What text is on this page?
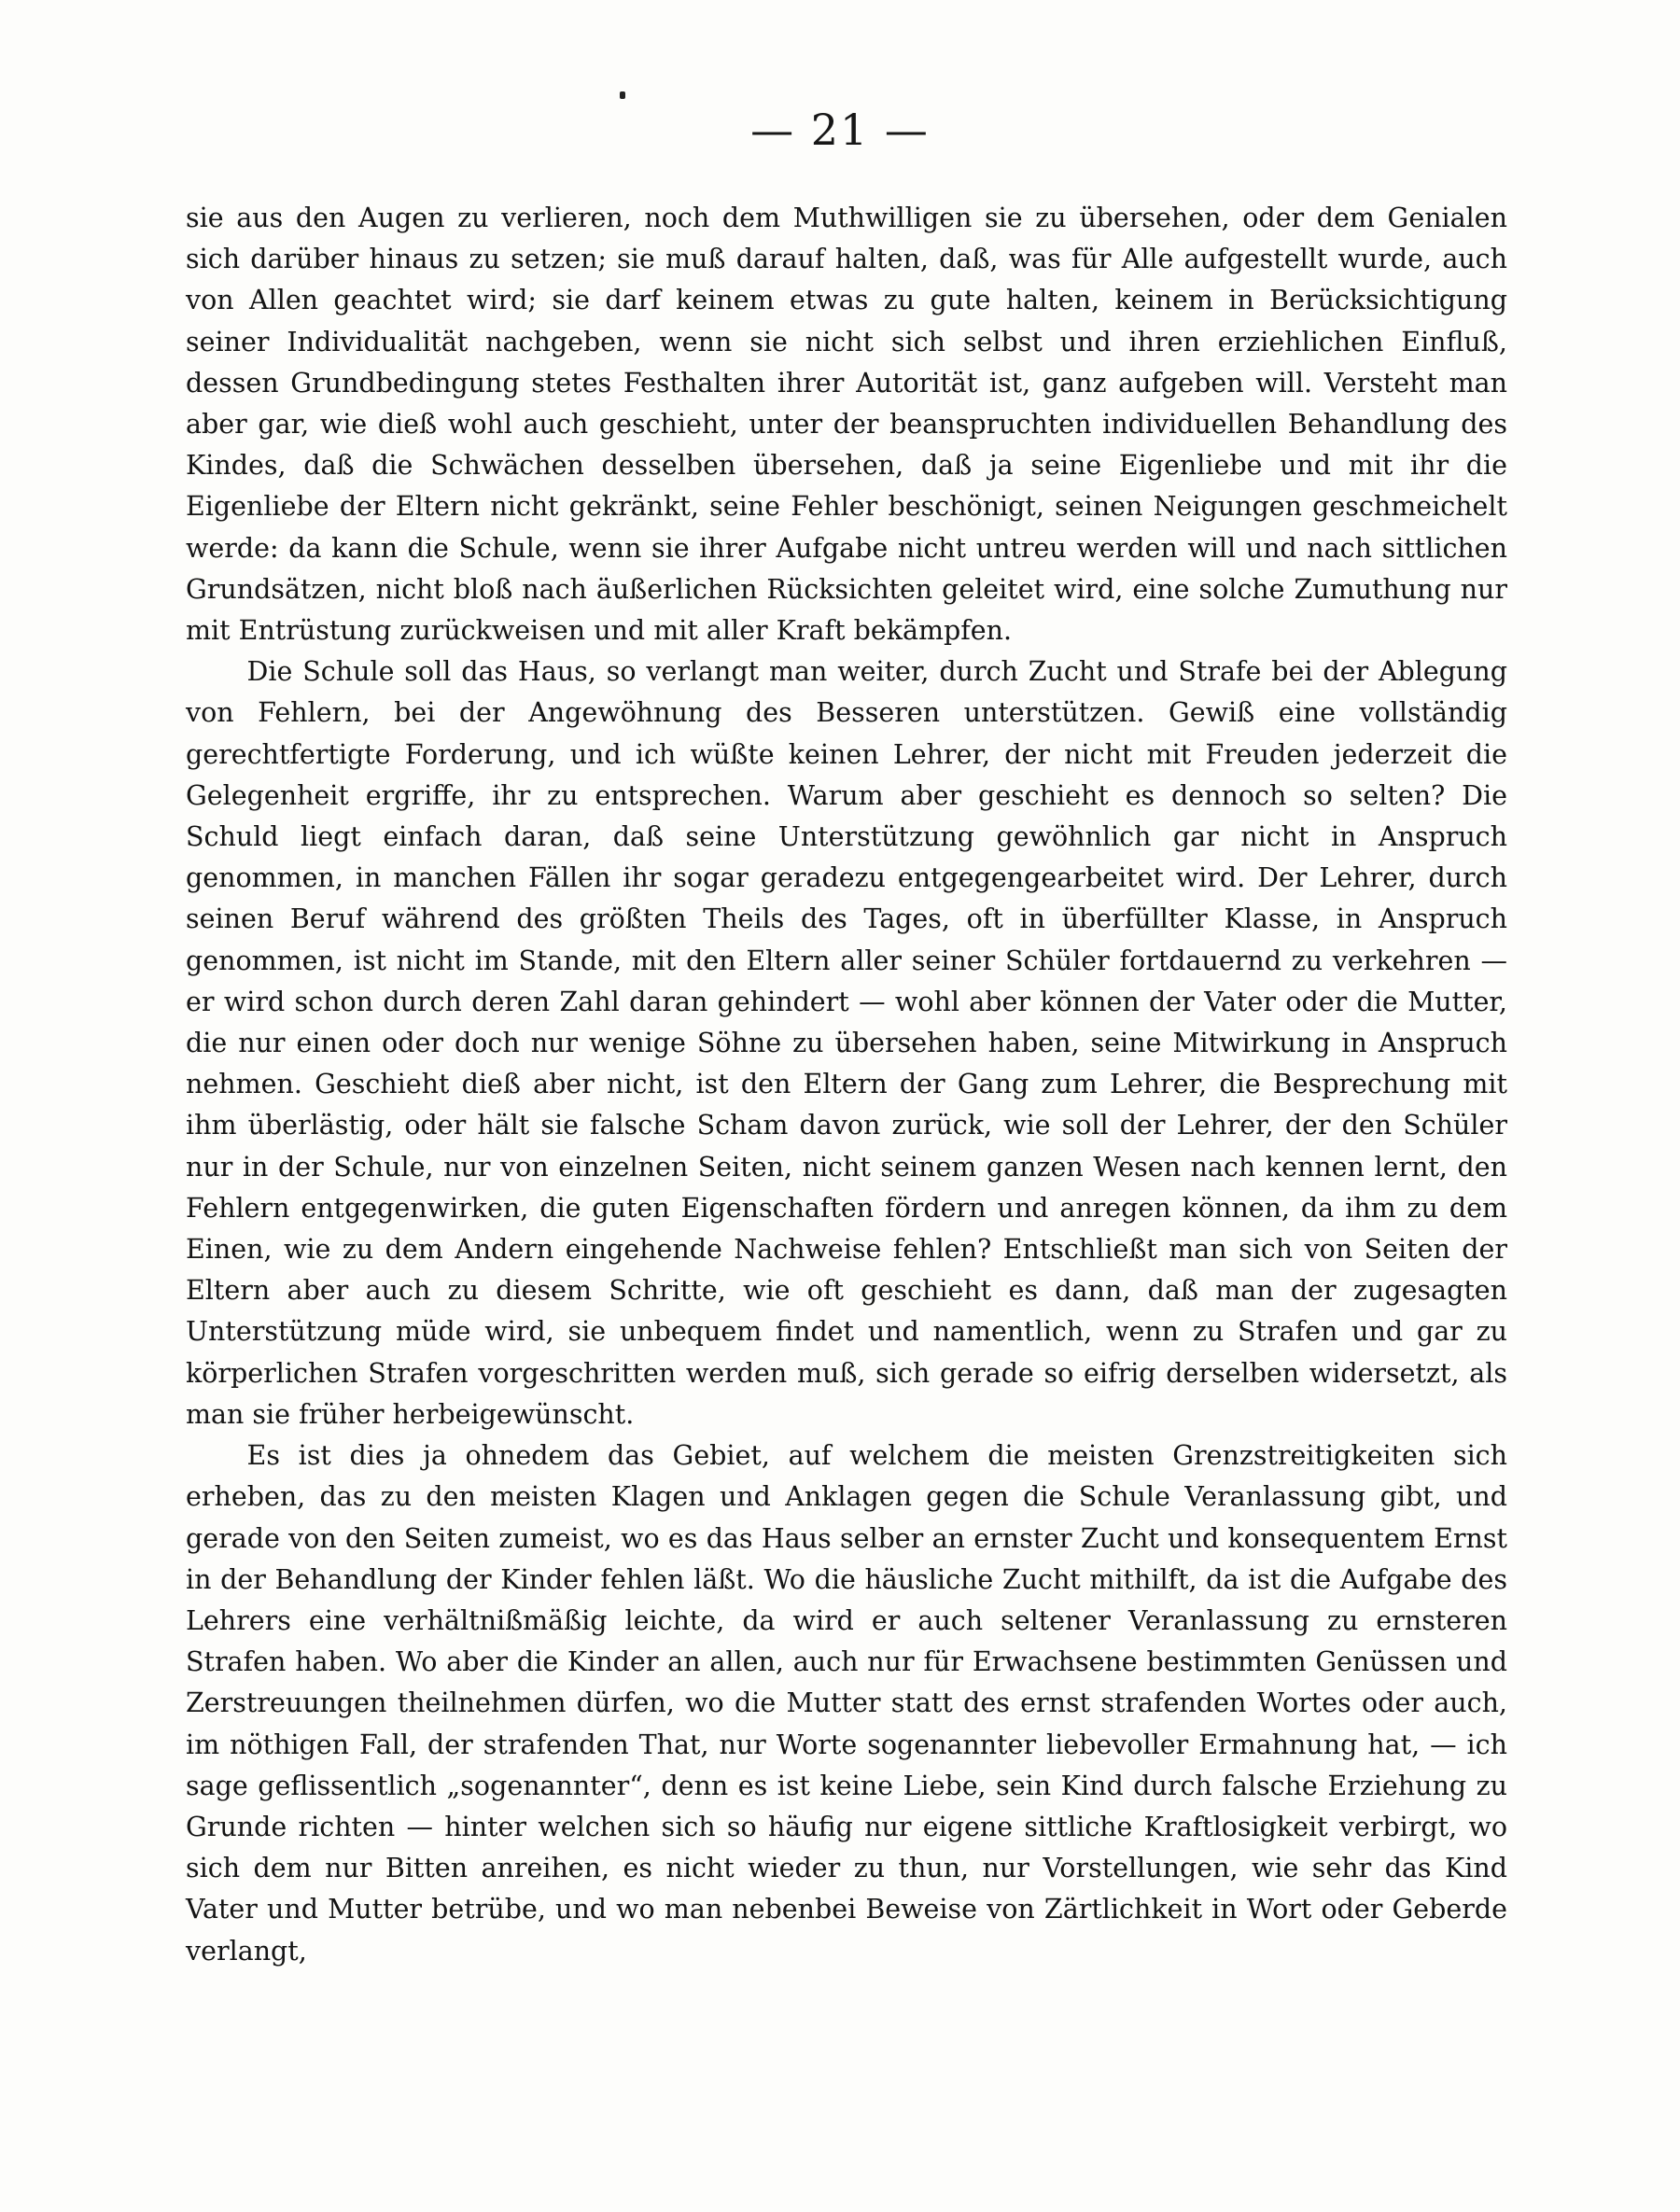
— 21 —

sie aus den Augen zu verlieren, noch dem Muthwilligen sie zu übersehen, oder dem Genialen sich darüber hinaus zu setzen; sie muß darauf halten, daß, was für Alle aufgestellt wurde, auch von Allen geachtet wird; sie darf keinem etwas zu gute halten, keinem in Berücksichtigung seiner Individualität nachgeben, wenn sie nicht sich selbst und ihren erziehlichen Einfluß, dessen Grundbedingung stetes Festhalten ihrer Autorität ist, ganz aufgeben will. Versteht man aber gar, wie dieß wohl auch geschieht, unter der beanspruchten individuellen Behandlung des Kindes, daß die Schwächen desselben übersehen, daß ja seine Eigenliebe und mit ihr die Eigenliebe der Eltern nicht gekränkt, seine Fehler beschönigt, seinen Neigungen geschmeichelt werde: da kann die Schule, wenn sie ihrer Aufgabe nicht untreu werden will und nach sittlichen Grundsätzen, nicht bloß nach äußerlichen Rücksichten geleitet wird, eine solche Zumuthung nur mit Entrüstung zurückweisen und mit aller Kraft bekämpfen.

Die Schule soll das Haus, so verlangt man weiter, durch Zucht und Strafe bei der Ablegung von Fehlern, bei der Angewöhnung des Besseren unterstützen. Gewiß eine vollständig gerechtfertigte Forderung, und ich wüßte keinen Lehrer, der nicht mit Freuden jederzeit die Gelegenheit ergriffe, ihr zu entsprechen. Warum aber geschieht es dennoch so selten? Die Schuld liegt einfach daran, daß seine Unterstützung gewöhnlich gar nicht in Anspruch genommen, in manchen Fällen ihr sogar geradezu entgegengearbeitet wird. Der Lehrer, durch seinen Beruf während des größten Theils des Tages, oft in überfüllter Klasse, in Anspruch genommen, ist nicht im Stande, mit den Eltern aller seiner Schüler fortdauernd zu verkehren — er wird schon durch deren Zahl daran gehindert — wohl aber können der Vater oder die Mutter, die nur einen oder doch nur wenige Söhne zu übersehen haben, seine Mitwirkung in Anspruch nehmen. Geschieht dieß aber nicht, ist den Eltern der Gang zum Lehrer, die Besprechung mit ihm überlästig, oder hält sie falsche Scham davon zurück, wie soll der Lehrer, der den Schüler nur in der Schule, nur von einzelnen Seiten, nicht seinem ganzen Wesen nach kennen lernt, den Fehlern entgegenwirken, die guten Eigenschaften fördern und anregen können, da ihm zu dem Einen, wie zu dem Andern eingehende Nachweise fehlen? Entschließt man sich von Seiten der Eltern aber auch zu diesem Schritte, wie oft geschieht es dann, daß man der zugesagten Unterstützung müde wird, sie unbequem findet und namentlich, wenn zu Strafen und gar zu körperlichen Strafen vorgeschritten werden muß, sich gerade so eifrig derselben widersetzt, als man sie früher herbeigewünscht.

Es ist dies ja ohnedem das Gebiet, auf welchem die meisten Grenzstreitigkeiten sich erheben, das zu den meisten Klagen und Anklagen gegen die Schule Veranlassung gibt, und gerade von den Seiten zumeist, wo es das Haus selber an ernster Zucht und konsequentem Ernst in der Behandlung der Kinder fehlen läßt. Wo die häusliche Zucht mithilft, da ist die Aufgabe des Lehrers eine verhältnißmäßig leichte, da wird er auch seltener Veranlassung zu ernsteren Strafen haben. Wo aber die Kinder an allen, auch nur für Erwachsene bestimmten Genüssen und Zerstreuungen theilnehmen dürfen, wo die Mutter statt des ernst strafenden Wortes oder auch, im nöthigen Fall, der strafenden That, nur Worte sogenannter liebevoller Ermahnung hat, — ich sage geflissentlich „sogenannter“, denn es ist keine Liebe, sein Kind durch falsche Erziehung zu Grunde richten — hinter welchen sich so häufig nur eigene sittliche Kraftlosigkeit verbirgt, wo sich dem nur Bitten anreihen, es nicht wieder zu thun, nur Vorstellungen, wie sehr das Kind Vater und Mutter betrübe, und wo man nebenbei Beweise von Zärtlichkeit in Wort oder Geberde verlangt,
